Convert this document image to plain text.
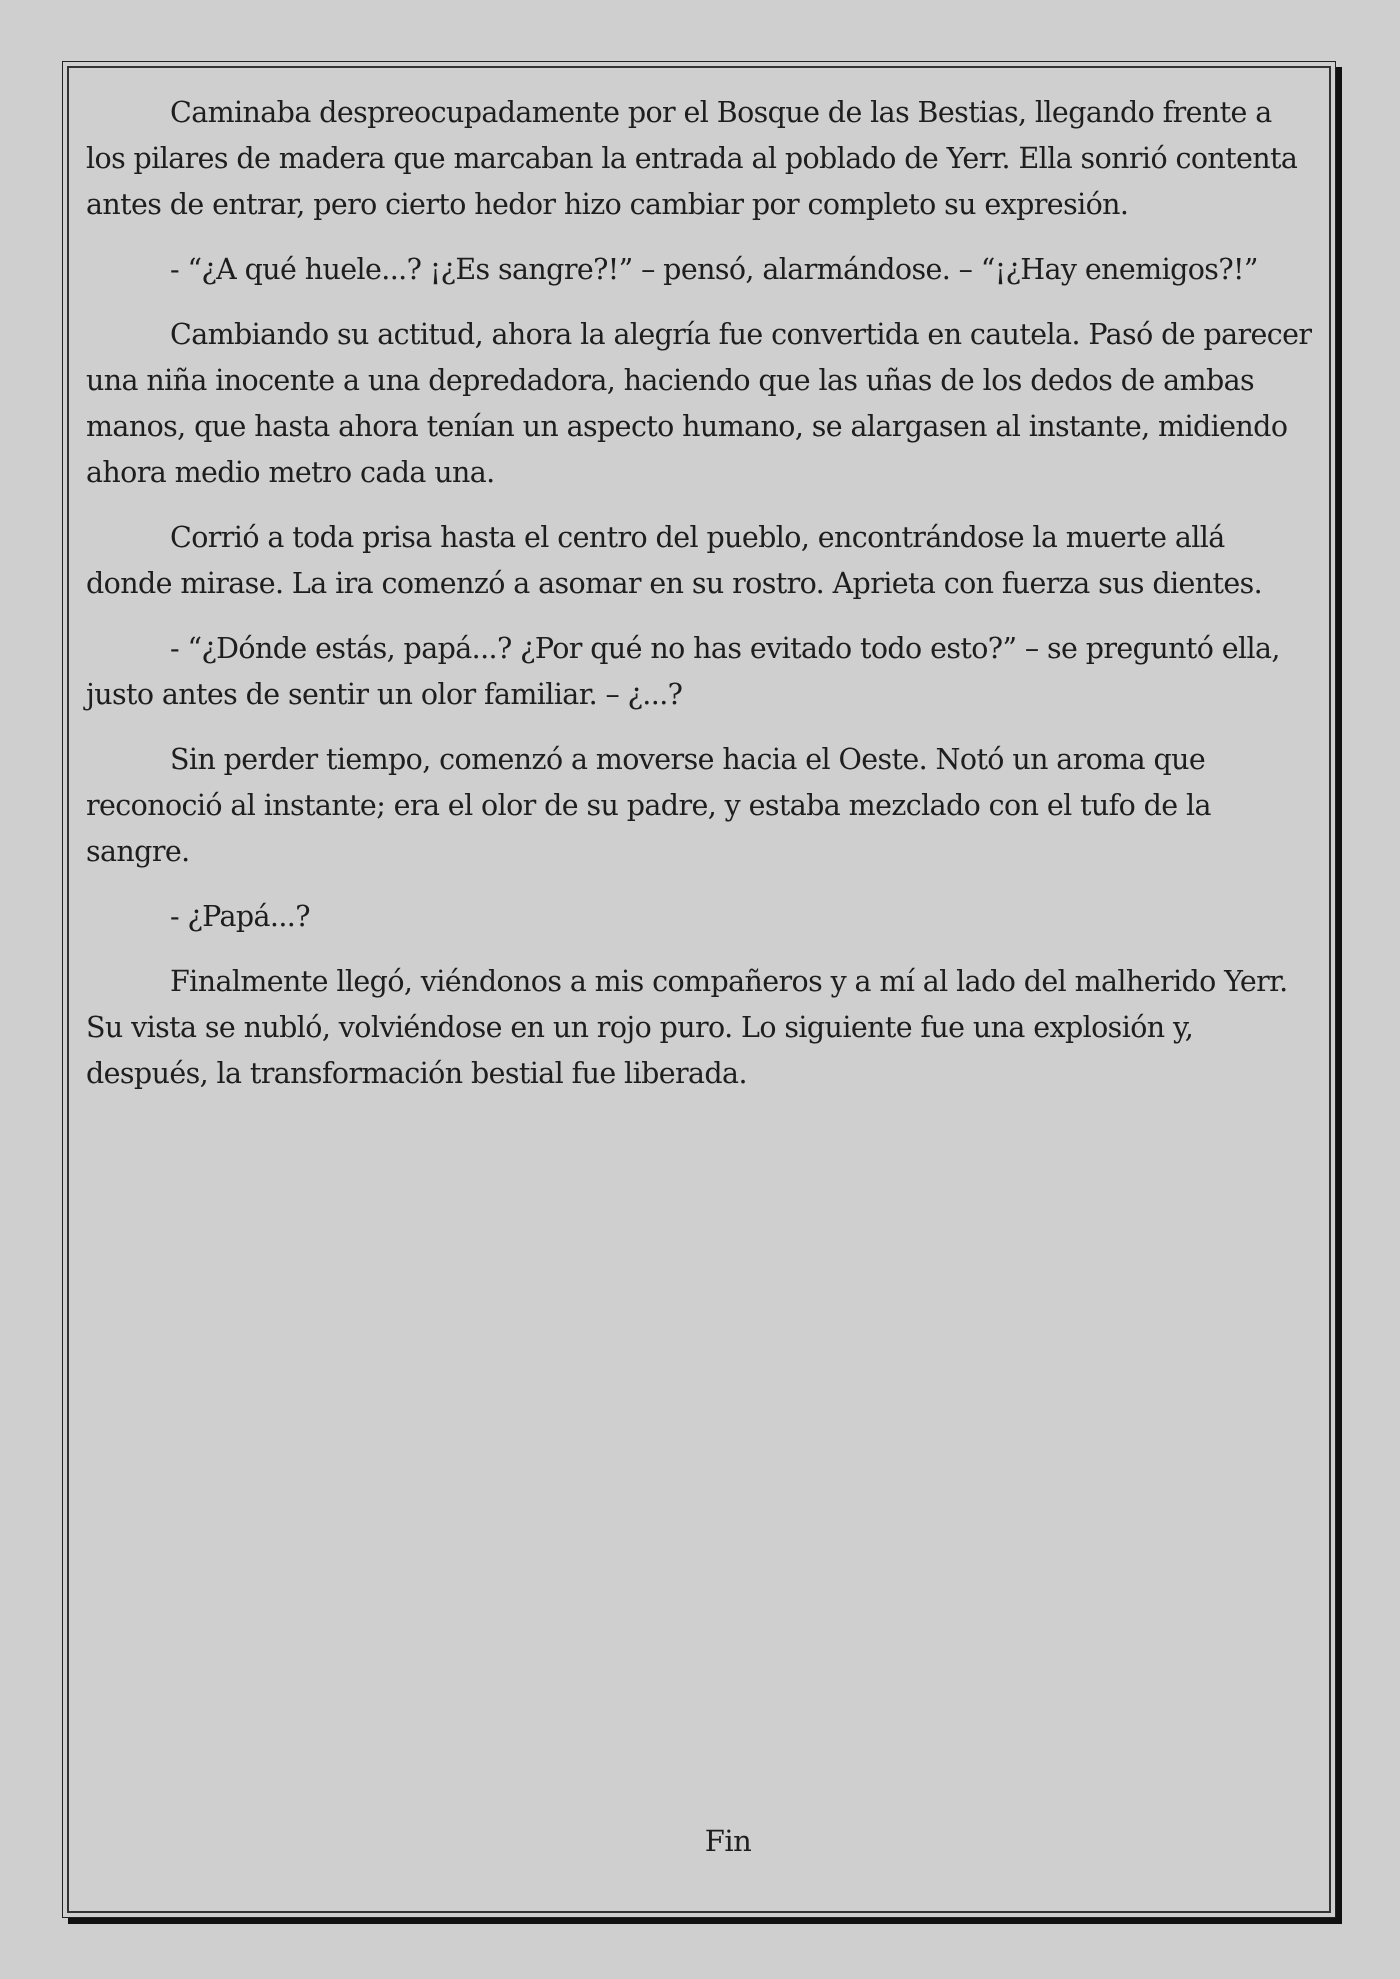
Caminaba despreocupadamente por el Bosque de las Bestias, llegando frente a los pilares de madera que marcaban la entrada al poblado de Yerr. Ella sonrió contenta antes de entrar, pero cierto hedor hizo cambiar por completo su expresión.

- “¿A qué huele...? ¡¿Es sangre?!” – pensó, alarmándose. – “¡¿Hay enemigos?!”

Cambiando su actitud, ahora la alegría fue convertida en cautela. Pasó de parecer una niña inocente a una depredadora, haciendo que las uñas de los dedos de ambas manos, que hasta ahora tenían un aspecto humano, se alargasen al instante, midiendo ahora medio metro cada una.

Corrió a toda prisa hasta el centro del pueblo, encontrándose la muerte allá donde mirase. La ira comenzó a asomar en su rostro. Aprieta con fuerza sus dientes.

- “¿Dónde estás, papá...? ¿Por qué no has evitado todo esto?” – se preguntó ella, justo antes de sentir un olor familiar. – ¿...?

Sin perder tiempo, comenzó a moverse hacia el Oeste. Notó un aroma que reconoció al instante; era el olor de su padre, y estaba mezclado con el tufo de la sangre.

- ¿Papá...?

Finalmente llegó, viéndonos a mis compañeros y a mí al lado del malherido Yerr. Su vista se nubló, volviéndose en un rojo puro. Lo siguiente fue una explosión y, después, la transformación bestial fue liberada.

Fin
